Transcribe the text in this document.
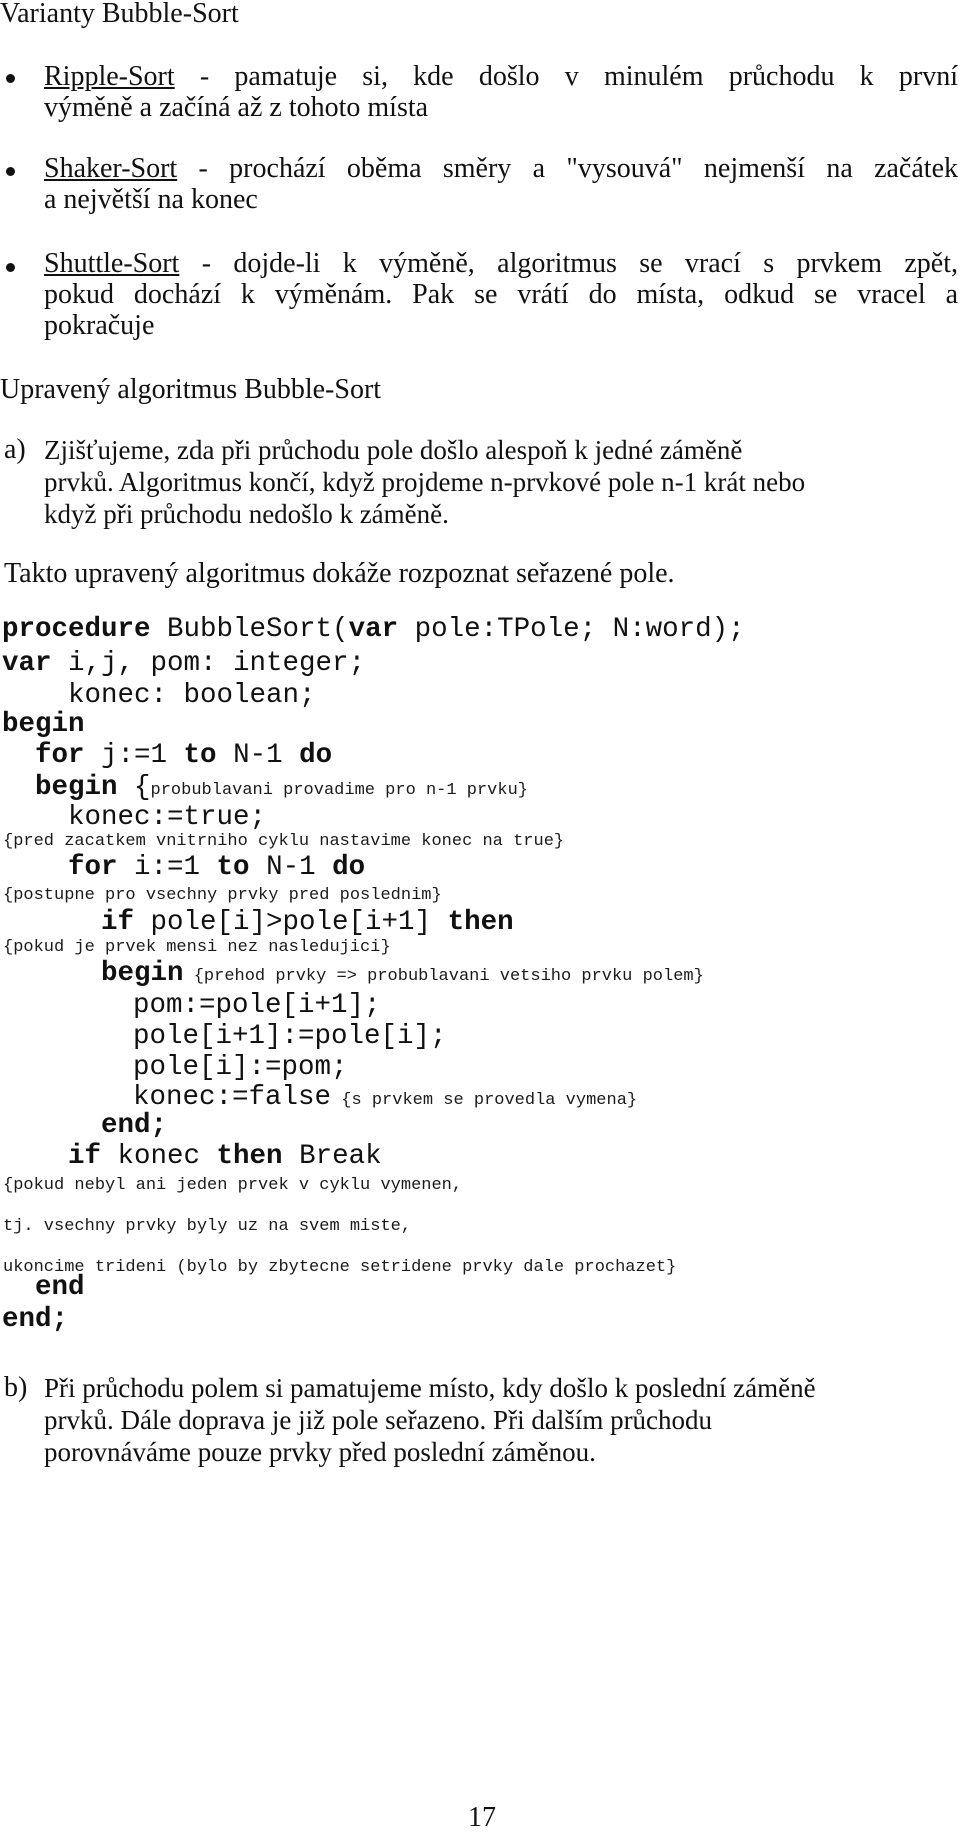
Varianty Bubble-Sort
Ripple-Sort - pamatuje si, kde došlo v minulém průchodu k první
výměně a začíná až z tohoto místa
Shaker-Sort - prochází oběma směry a "vysouvá" nejmenší na začátek
a největší na konec
Shuttle-Sort - dojde-li k výměně, algoritmus se vrací s prvkem zpět,
pokud dochází k výměnám. Pak se vrátí do místa, odkud se vracel a
pokračuje
Upravený algoritmus Bubble-Sort
a) Zjišťujeme, zda při průchodu pole došlo alespoň k jedné záměně
prvků. Algoritmus končí, když projdeme n-prvkové pole n-1 krát nebo
když při průchodu nedošlo k záměně.
Takto upravený algoritmus dokáže rozpoznat seřazené pole.
procedure BubbleSort(var pole:TPole; N:word);
var i,j, pom: integer;
konec: boolean;
begin
for j:=1 to N-1 do
begin {probublavani provadime pro n-1 prvku}
konec:=true;
{pred zacatkem vnitrniho cyklu nastavime konec na true}
for i:=1 to N-1 do
{postupne pro vsechny prvky pred poslednim}
if pole[i]>pole[i+1] then
{pokud je prvek mensi nez nasledujici}
begin {prehod prvky => probublavani vetsiho prvku polem}
pom:=pole[i+1];
pole[i+1]:=pole[i];
pole[i]:=pom;
konec:=false {s prvkem se provedla vymena}
end;
if konec then Break
{pokud nebyl ani jeden prvek v cyklu vymenen,
tj. vsechny prvky byly uz na svem miste,
ukoncime trideni (bylo by zbytecne setridene prvky dale prochazet}
end
end;
b) Při průchodu polem si pamatujeme místo, kdy došlo k poslední záměně
prvků. Dále doprava je již pole seřazeno. Při dalším průchodu
porovnáváme pouze prvky před poslední záměnou.
17
